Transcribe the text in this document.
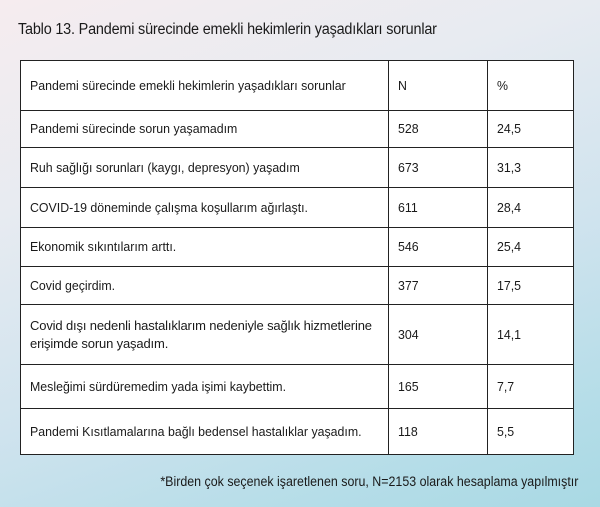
Tablo 13. Pandemi sürecinde emekli hekimlerin yaşadıkları sorunlar
Pandemi sürecinde emekli hekimlerin yaşadıkları sorunlar	N	%
Pandemi sürecinde sorun yaşamadım	528	24,5
Ruh sağlığı sorunları (kaygı, depresyon) yaşadım	673	31,3
COVID-19 döneminde çalışma koşullarım ağırlaştı.	611	28,4
Ekonomik sıkıntılarım arttı.	546	25,4
Covid geçirdim.	377	17,5
Covid dışı nedenli hastalıklarım nedeniyle sağlık hizmetlerine erişimde sorun yaşadım.	304	14,1
Mesleğimi sürdüremedim yada işimi kaybettim.	165	7,7
Pandemi Kısıtlamalarına bağlı bedensel hastalıklar yaşadım.	118	5,5
*Birden çok seçenek işaretlenen soru, N=2153 olarak hesaplama yapılmıştır
